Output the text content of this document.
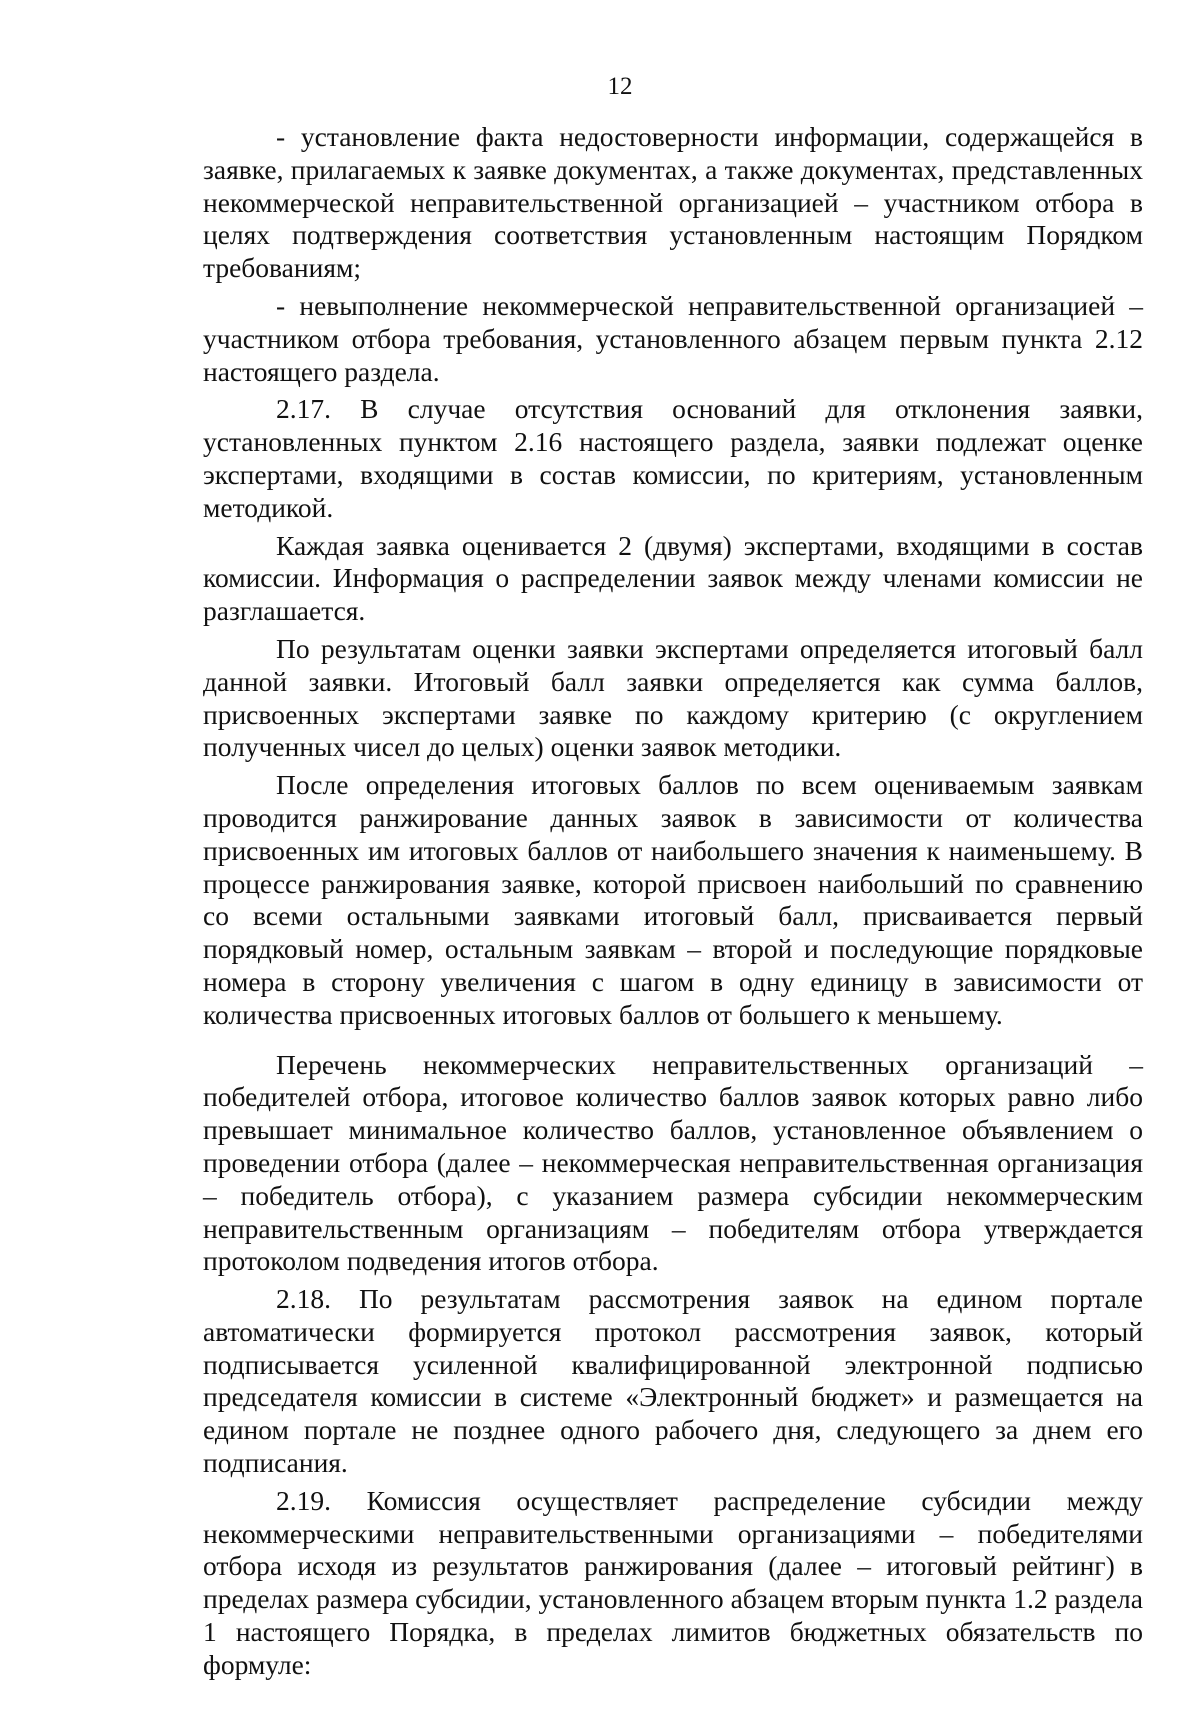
12

- установление факта недостоверности информации, содержащейся в заявке, прилагаемых к заявке документах, а также документах, представленных некоммерческой неправительственной организацией – участником отбора в целях подтверждения соответствия установленным настоящим Порядком требованиям;

- невыполнение некоммерческой неправительственной организацией – участником отбора требования, установленного абзацем первым пункта 2.12 настоящего раздела.

2.17. В случае отсутствия оснований для отклонения заявки, установленных пунктом 2.16 настоящего раздела, заявки подлежат оценке экспертами, входящими в состав комиссии, по критериям, установленным методикой.

Каждая заявка оценивается 2 (двумя) экспертами, входящими в состав комиссии. Информация о распределении заявок между членами комиссии не разглашается.

По результатам оценки заявки экспертами определяется итоговый балл данной заявки. Итоговый балл заявки определяется как сумма баллов, присвоенных экспертами заявке по каждому критерию (с округлением полученных чисел до целых) оценки заявок методики.

После определения итоговых баллов по всем оцениваемым заявкам проводится ранжирование данных заявок в зависимости от количества присвоенных им итоговых баллов от наибольшего значения к наименьшему. В процессе ранжирования заявке, которой присвоен наибольший по сравнению со всеми остальными заявками итоговый балл, присваивается первый порядковый номер, остальным заявкам – второй и последующие порядковые номера в сторону увеличения с шагом в одну единицу в зависимости от количества присвоенных итоговых баллов от большего к меньшему.

Перечень некоммерческих неправительственных организаций – победителей отбора, итоговое количество баллов заявок которых равно либо превышает минимальное количество баллов, установленное объявлением о проведении отбора (далее – некоммерческая неправительственная организация – победитель отбора), с указанием размера субсидии некоммерческим неправительственным организациям – победителям отбора утверждается протоколом подведения итогов отбора.

2.18. По результатам рассмотрения заявок на едином портале автоматически формируется протокол рассмотрения заявок, который подписывается усиленной квалифицированной электронной подписью председателя комиссии в системе «Электронный бюджет» и размещается на едином портале не позднее одного рабочего дня, следующего за днем его подписания.

2.19. Комиссия осуществляет распределение субсидии между некоммерческими неправительственными организациями – победителями отбора исходя из результатов ранжирования (далее – итоговый рейтинг) в пределах размера субсидии, установленного абзацем вторым пункта 1.2 раздела 1 настоящего Порядка, в пределах лимитов бюджетных обязательств по формуле:
